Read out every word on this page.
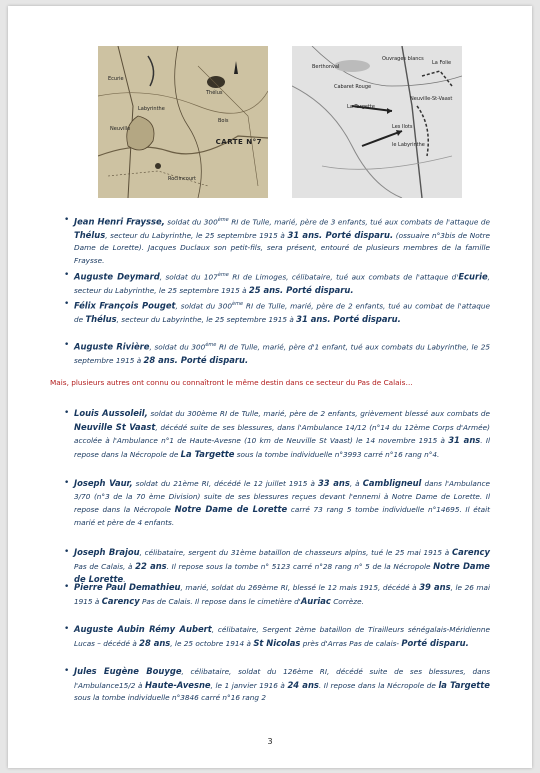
Thélus
Labyrinthe
Ecurie
Roclincourt
Neuville
Bois
CARTE N°7
Berthonval
Cabaret Rouge
La Targette
Neuville-St-Vaast
Les Ilots
le Labyrinthe
Ouvrages blancs
La Folie
• Jean Henri Fraysse, soldat du 300ème RI de Tulle, marié, père de 3 enfants, tué aux combats de l'attaque de Thélus, secteur du Labyrinthe, le 25 septembre 1915 à 31 ans. Porté disparu. (ossuaire n°3bis de Notre Dame de Lorette). Jacques Duclaux son petit-fils, sera présent, entouré de plusieurs membres de la famille Fraysse.
• Auguste Deymard, soldat du 107ème RI de Limoges, célibataire, tué aux combats de l'attaque d'Ecurie, secteur du Labyrinthe, le 25 septembre 1915 à 25 ans. Porté disparu.
• Félix François Pouget, soldat du 300ème RI de Tulle, marié, père de 2 enfants, tué au combat de l'attaque de Thélus, secteur du Labyrinthe, le 25 septembre 1915 à 31 ans. Porté disparu.
• Auguste Rivière, soldat du 300ème RI de Tulle, marié, père d'1 enfant, tué aux combats du Labyrinthe, le 25 septembre 1915 à 28 ans. Porté disparu.
Mais, plusieurs autres ont connu ou connaîtront le même destin dans ce secteur du Pas de Calais…
• Louis Aussoleil, soldat du 300ème RI de Tulle, marié, père de 2 enfants, grièvement blessé aux combats de Neuville St Vaast, décédé suite de ses blessures, dans l'Ambulance 14/12 (n°14 du 12ème Corps d'Armée) accolée à l'Ambulance n°1 de Haute-Avesne (10 km de Neuville St Vaast) le 14 novembre 1915 à 31 ans. Il repose dans la Nécropole de La Targette sous la tombe individuelle n°3993 carré n°16 rang n°4.
• Joseph Vaur, soldat du 21ème RI, décédé le 12 juillet 1915 à 33 ans, à Cambligneul dans l'Ambulance 3/70 (n°3 de la 70 ème Division) suite de ses blessures reçues devant l'ennemi à Notre Dame de Lorette. Il repose dans la Nécropole Notre Dame de Lorette carré 73 rang 5 tombe individuelle n°14695. Il était marié et père de 4 enfants.
• Joseph Brajou, célibataire, sergent du 31ème bataillon de chasseurs alpins, tué le 25 mai 1915 à Carency Pas de Calais, à 22 ans. Il repose sous la tombe n° 5123 carré n°28 rang n° 5 de la Nécropole Notre Dame de Lorette.
• Pierre Paul Demathieu, marié, soldat du 269ème RI, blessé le 12 mais 1915, décédé à 39 ans, le 26 mai 1915 à Carency Pas de Calais. Il repose dans le cimetière d'Auriac Corrèze.
• Auguste Aubin Rémy Aubert, célibataire, Sergent 2ème bataillon de Tirailleurs sénégalais-Méridienne Lucas – décédé à 28 ans, le 25 octobre 1914 à St Nicolas près d'Arras Pas de calais- Porté disparu.
• Jules Eugène Bouyge, célibataire, soldat du 126ème RI, décédé suite de ses blessures, dans l'Ambulance15/2 à Haute-Avesne, le 1 janvier 1916 à 24 ans. Il repose dans la Nécropole de la Targette sous la tombe individuelle n°3846 carré n°16 rang 2
3
